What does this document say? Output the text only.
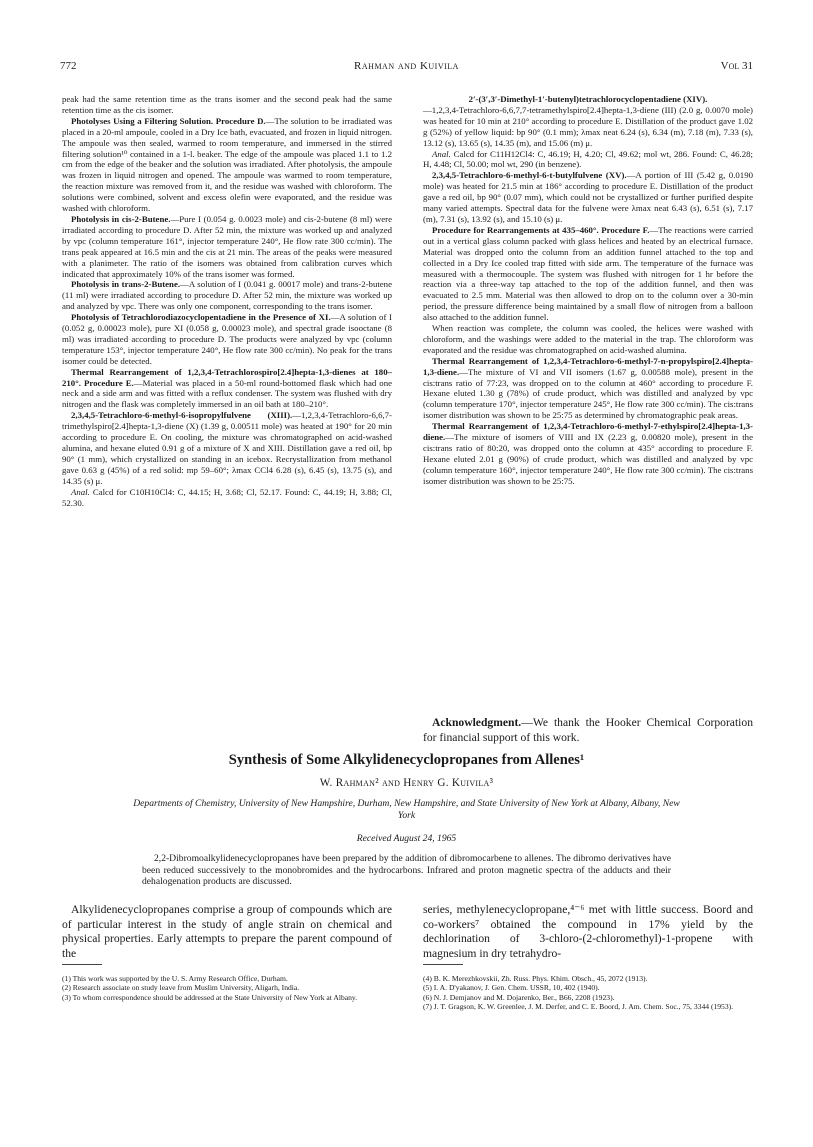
772	Rahman and Kuivila	Vol 31

peak had the same retention time as the trans isomer and the second peak had the same retention time as the cis isomer.

Photolyses Using a Filtering Solution. Procedure D.—The solution to be irradiated was placed in a 20-ml ampoule, cooled in a Dry Ice bath, evacuated, and frozen in liquid nitrogen. The ampoule was then sealed, warmed to room temperature, and immersed in the stirred filtering solution¹⁰ contained in a 1-l. beaker. The edge of the ampoule was placed 1.1 to 1.2 cm from the edge of the beaker and the solution was irradiated. After photolysis, the ampoule was frozen in liquid nitrogen and opened. The ampoule was warmed to room temperature, the reaction mixture was removed from it, and the residue was washed with chloroform. The solutions were combined, solvent and excess olefin were evaporated, and the residue was washed with chloroform.

Photolysis in cis-2-Butene.—Pure I (0.054 g. 0.0023 mole) and cis-2-butene (8 ml) were irradiated according to procedure D. After 52 min, the mixture was worked up and analyzed by vpc (column temperature 161°, injector temperature 240°, He flow rate 300 cc/min). The trans peak appeared at 16.5 min and the cis at 21 min. The areas of the peaks were measured with a planimeter. The ratio of the isomers was obtained from calibration curves which indicated that approximately 10% of the trans isomer was formed.

Photolysis in trans-2-Butene.—A solution of I (0.041 g. 00017 mole) and trans-2-butene (11 ml) were irradiated according to procedure D. After 52 min, the mixture was worked up and analyzed by vpc. There was only one component, corresponding to the trans isomer.

Photolysis of Tetrachlorodiazocyclopentadiene in the Presence of XI.—A solution of I (0.052 g, 0.00023 mole), pure XI (0.058 g, 0.00023 mole), and spectral grade isooctane (8 ml) was irradiated according to procedure D. The products were analyzed by vpc (column temperature 153°, injector temperature 240°, He flow rate 300 cc/min). No peak for the trans isomer could be detected.

Thermal Rearrangement of 1,2,3,4-Tetrachlorospiro[2.4]hepta-1,3-dienes at 180–210°. Procedure E.—Material was placed in a 50-ml round-bottomed flask which had one neck and a side arm and was fitted with a reflux condenser. The system was flushed with dry nitrogen and the flask was completely immersed in an oil bath at 180–210°.

2,3,4,5-Tetrachloro-6-methyl-6-isopropylfulvene (XIII).—1,2,3,4-Tetrachloro-6,6,7-trimethylspiro[2.4]hepta-1,3-diene (X) (1.39 g, 0.00511 mole) was heated at 190° for 20 min according to procedure E. On cooling, the mixture was chromatographed on acid-washed alumina, and hexane eluted 0.91 g of a mixture of X and XIII. Distillation gave a red oil, bp 90° (1 mm), which crystallized on standing in an icebox. Recrystallization from methanol gave 0.63 g (45%) of a red solid: mp 59–60°; λmax CCl4 6.28 (s), 6.45 (s), 13.75 (s), and 14.35 (s) μ.

Anal. Calcd for C10H10Cl4: C, 44.15; H, 3.68; Cl, 52.17. Found: C, 44.19; H, 3.88; Cl, 52.30.

2′-(3′,3′-Dimethyl-1′-butenyl)tetrachlorocyclopentadiene (XIV).

—1,2,3,4-Tetrachloro-6,6,7,7-tetramethylspiro[2.4]hepta-1,3-diene (III) (2.0 g, 0.0070 mole) was heated for 10 min at 210° according to procedure E. Distillation of the product gave 1.02 g (52%) of yellow liquid: bp 90° (0.1 mm); λmax neat 6.24 (s), 6.34 (m), 7.18 (m), 7.33 (s), 13.12 (s), 13.65 (s), 14.35 (m), and 15.06 (m) μ.

Anal. Calcd for C11H12Cl4: C, 46.19; H, 4.20; Cl, 49.62; mol wt, 286. Found: C, 46.28; H, 4.48; Cl, 50.00; mol wt, 290 (in benzene).

2,3,4,5-Tetrachloro-6-methyl-6-t-butylfulvene (XV).—A portion of III (5.42 g, 0.0190 mole) was heated for 21.5 min at 186° according to procedure E. Distillation of the product gave a red oil, bp 90° (0.07 mm), which could not be crystallized or further purified despite many varied attempts. Spectral data for the fulvene were λmax neat 6.43 (s), 6.51 (s), 7.17 (m), 7.31 (s), 13.92 (s), and 15.10 (s) μ.

Procedure for Rearrangements at 435–460°. Procedure F.—The reactions were carried out in a vertical glass column packed with glass helices and heated by an electrical furnace. Material was dropped onto the column from an addition funnel attached to the top and collected in a Dry Ice cooled trap fitted with side arm. The temperature of the furnace was measured with a thermocouple. The system was flushed with nitrogen for 1 hr before the reaction via a three-way tap attached to the top of the addition funnel, and then was evacuated to 2.5 mm. Material was then allowed to drop on to the column over a 30-min period, the pressure difference being maintained by a small flow of nitrogen from a balloon also attached to the addition funnel.

When reaction was complete, the column was cooled, the helices were washed with chloroform, and the washings were added to the material in the trap. The chloroform was evaporated and the residue was chromatographed on acid-washed alumina.

Thermal Rearrangement of 1,2,3,4-Tetrachloro-6-methyl-7-n-propylspiro[2.4]hepta-1,3-diene.—The mixture of VI and VII isomers (1.67 g, 0.00588 mole), present in the cis:trans ratio of 77:23, was dropped on to the column at 460° according to procedure F. Hexane eluted 1.30 g (78%) of crude product, which was distilled and analyzed by vpc (column temperature 170°, injector temperature 245°, He flow rate 300 cc/min). The cis:trans isomer distribution was shown to be 25:75 as determined by chromatographic peak areas.

Thermal Rearrangement of 1,2,3,4-Tetrachloro-6-methyl-7-ethylspiro[2.4]hepta-1,3-diene.—The mixture of isomers of VIII and IX (2.23 g, 0.00820 mole), present in the cis:trans ratio of 80:20, was dropped onto the column at 435° according to procedure F. Hexane eluted 2.01 g (90%) of crude product, which was distilled and analyzed by vpc (column temperature 160°, injector temperature 240°, He flow rate 300 cc/min). The cis:trans isomer distribution was shown to be 25:75.

Acknowledgment.—We thank the Hooker Chemical Corporation for financial support of this work.

Synthesis of Some Alkylidenecyclopropanes from Allenes¹
W. Rahman² and Henry G. Kuivila³
Departments of Chemistry, University of New Hampshire, Durham, New Hampshire, and State University of New York at Albany, Albany, New York
Received August 24, 1965

2,2-Dibromoalkylidenecyclopropanes have been prepared by the addition of dibromocarbene to allenes. The dibromo derivatives have been reduced successively to the monobromides and the hydrocarbons. Infrared and proton magnetic spectra of the adducts and their dehalogenation products are discussed.

Alkylidenecyclopropanes comprise a group of compounds which are of particular interest in the study of angle strain on chemical and physical properties. Early attempts to prepare the parent compound of the

series, methylenecyclopropane,⁴⁻⁶ met with little success. Boord and co-workers⁷ obtained the compound in 17% yield by the dechlorination of 3-chloro-(2-chloromethyl)-1-propene with magnesium in dry tetrahydro-

(1) This work was supported by the U. S. Army Research Office, Durham.

(2) Research associate on study leave from Muslim University, Aligarh, India.

(3) To whom correspondence should be addressed at the State University of New York at Albany.

(4) B. K. Merezhkovskii, Zh. Russ. Phys. Khim. Obsch., 45, 2072 (1913).

(5) I. A. D'yakanov, J. Gen. Chem. USSR, 10, 402 (1940).

(6) N. J. Demjanov and M. Dojarenko, Ber., B66, 2208 (1923).

(7) J. T. Gragson, K. W. Greenlee, J. M. Derfer, and C. E. Boord, J. Am. Chem. Soc., 75, 3344 (1953).
